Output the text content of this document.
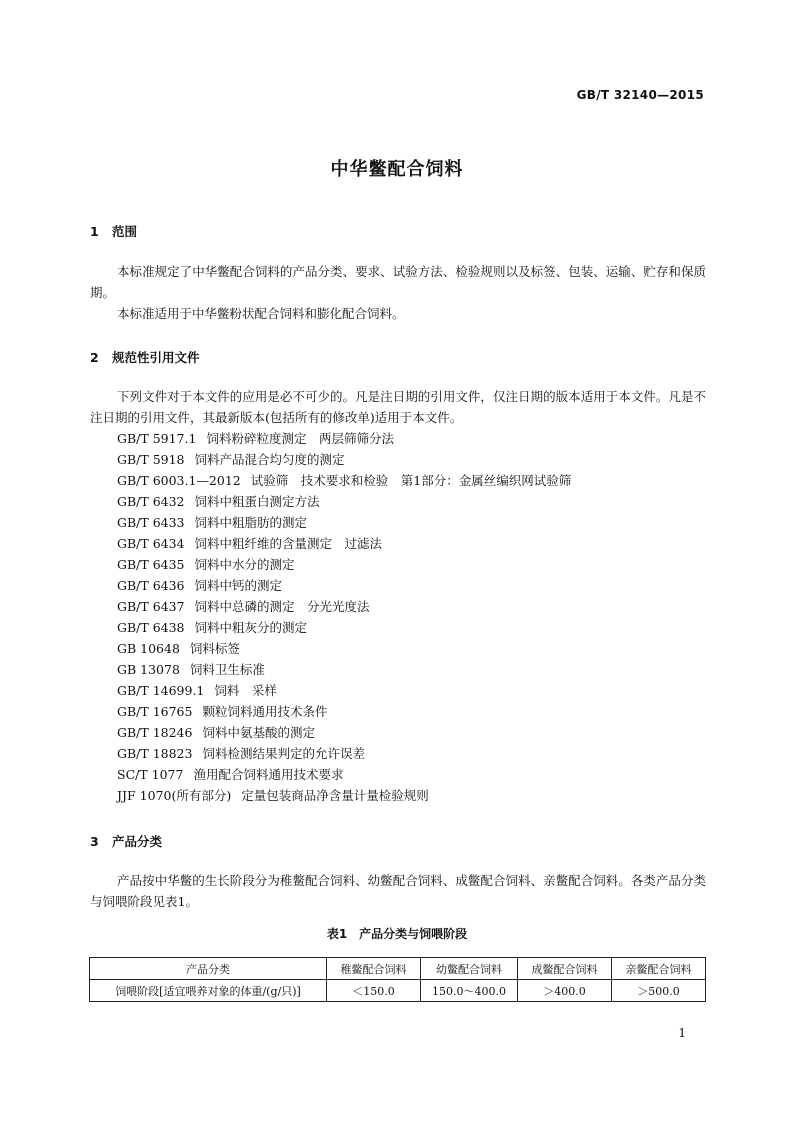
GB/T 32140—2015
中华鳖配合饲料
1 范围
本标准规定了中华鳖配合饲料的产品分类、要求、试验方法、检验规则以及标签、包装、运输、贮存和保质期。
本标准适用于中华鳖粉状配合饲料和膨化配合饲料。
2 规范性引用文件
下列文件对于本文件的应用是必不可少的。凡是注日期的引用文件，仅注日期的版本适用于本文件。凡是不注日期的引用文件，其最新版本(包括所有的修改单)适用于本文件。
GB/T 5917.1 饲料粉碎粒度测定　两层筛筛分法
GB/T 5918 饲料产品混合均匀度的测定
GB/T 6003.1—2012 试验筛　技术要求和检验　第1部分：金属丝编织网试验筛
GB/T 6432 饲料中粗蛋白测定方法
GB/T 6433 饲料中粗脂肪的测定
GB/T 6434 饲料中粗纤维的含量测定　过滤法
GB/T 6435 饲料中水分的测定
GB/T 6436 饲料中钙的测定
GB/T 6437 饲料中总磷的测定　分光光度法
GB/T 6438 饲料中粗灰分的测定
GB 10648 饲料标签
GB 13078 饲料卫生标准
GB/T 14699.1 饲料　采样
GB/T 16765 颗粒饲料通用技术条件
GB/T 18246 饲料中氨基酸的测定
GB/T 18823 饲料检测结果判定的允许误差
SC/T 1077 渔用配合饲料通用技术要求
JJF 1070(所有部分) 定量包装商品净含量计量检验规则
3 产品分类
产品按中华鳖的生长阶段分为稚鳖配合饲料、幼鳖配合饲料、成鳖配合饲料、亲鳖配合饲料。各类产品分类与饲喂阶段见表1。
表1　产品分类与饲喂阶段
产品分类	稚鳖配合饲料	幼鳖配合饲料	成鳖配合饲料	亲鳖配合饲料
饲喂阶段[适宜喂养对象的体重/(g/只)]	＜150.0	150.0～400.0	＞400.0	＞500.0
1
